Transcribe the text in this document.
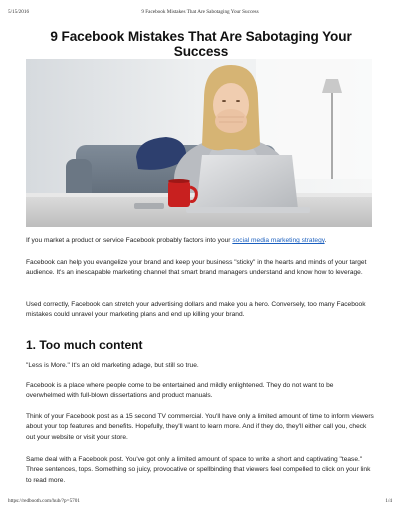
5/15/2016	9 Facebook Mistakes That Are Sabotaging Your Success
9 Facebook Mistakes That Are Sabotaging Your Success

If you market a product or service Facebook probably factors into your social media marketing strategy.

Facebook can help you evangelize your brand and keep your business "sticky" in the hearts and minds of your target audience. It's an inescapable marketing channel that smart brand managers understand and know how to leverage.

Used correctly, Facebook can stretch your advertising dollars and make you a hero. Conversely, too many Facebook mistakes could unravel your marketing plans and end up killing your brand.

1. Too much content

"Less is More." It's an old marketing adage, but still so true.

Facebook is a place where people come to be entertained and mildly enlightened. They do not want to be overwhelmed with full-blown dissertations and product manuals.

Think of your Facebook post as a 15 second TV commercial. You'll have only a limited amount of time to inform viewers about your top features and benefits. Hopefully, they'll want to learn more. And if they do, they'll either call you, check out your website or visit your store.

Same deal with a Facebook post. You've got only a limited amount of space to write a short and captivating "tease." Three sentences, tops. Something so juicy, provocative or spellbinding that viewers feel compelled to click on your link to read more.

https://redbooth.com/hub/?p=5701	1/4
